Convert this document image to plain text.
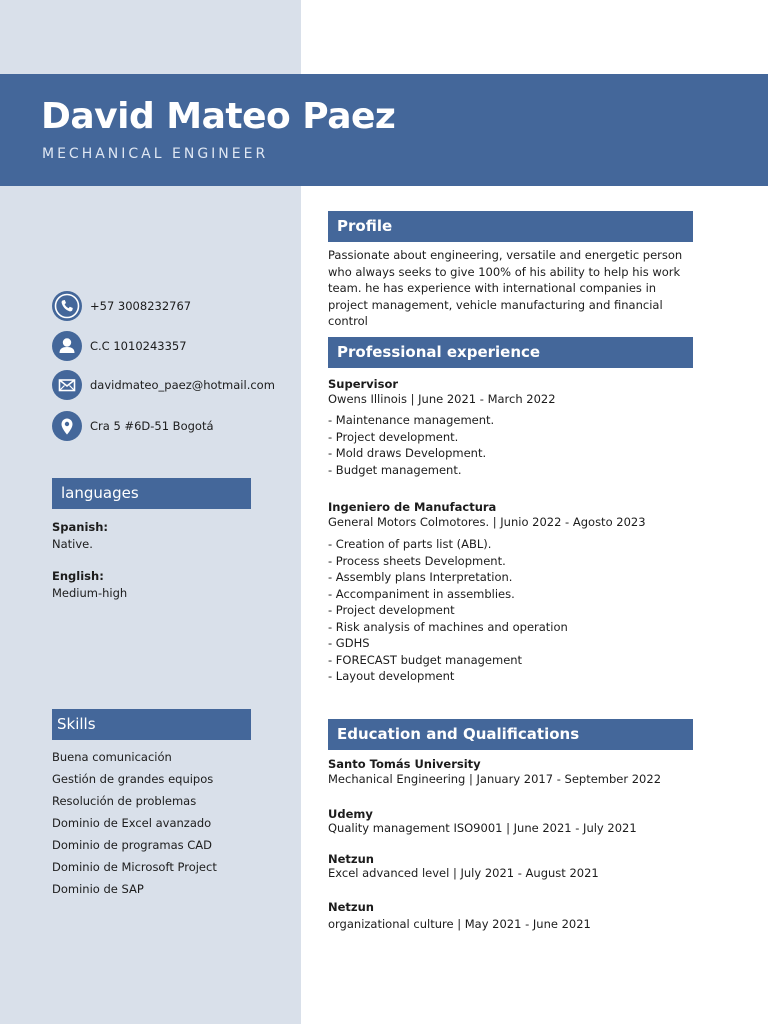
David Mateo Paez
MECHANICAL ENGINEER
+57 3008232767
C.C 1010243357
davidmateo_paez@hotmail.com
Cra 5 #6D-51 Bogotá
languages
Spanish:
Native.
English:
Medium-high
Skills
Buena comunicación
Gestión de grandes equipos
Resolución de problemas
Dominio de Excel avanzado
Dominio de programas CAD
Dominio de Microsoft Project
Dominio de SAP
Profile
Passionate about engineering, versatile and energetic person who always seeks to give 100% of his ability to help his work team. he has experience with international companies in project management, vehicle manufacturing and financial control
Professional experience
Supervisor
Owens Illinois | June 2021 - March 2022
- Maintenance management.
- Project development.
- Mold draws Development.
- Budget management.
Ingeniero de Manufactura
General Motors Colmotores. | Junio 2022 - Agosto 2023
- Creation of parts list (ABL).
- Process sheets Development.
- Assembly plans Interpretation.
- Accompaniment in assemblies.
- Project development
- Risk analysis of machines and operation
- GDHS
- FORECAST budget management
- Layout development
Education and Qualifications
Santo Tomás University
Mechanical Engineering | January 2017 - September 2022
Udemy
Quality management ISO9001 | June 2021 - July 2021
Netzun
Excel advanced level | July 2021 - August 2021
Netzun
organizational culture | May 2021 - June 2021
